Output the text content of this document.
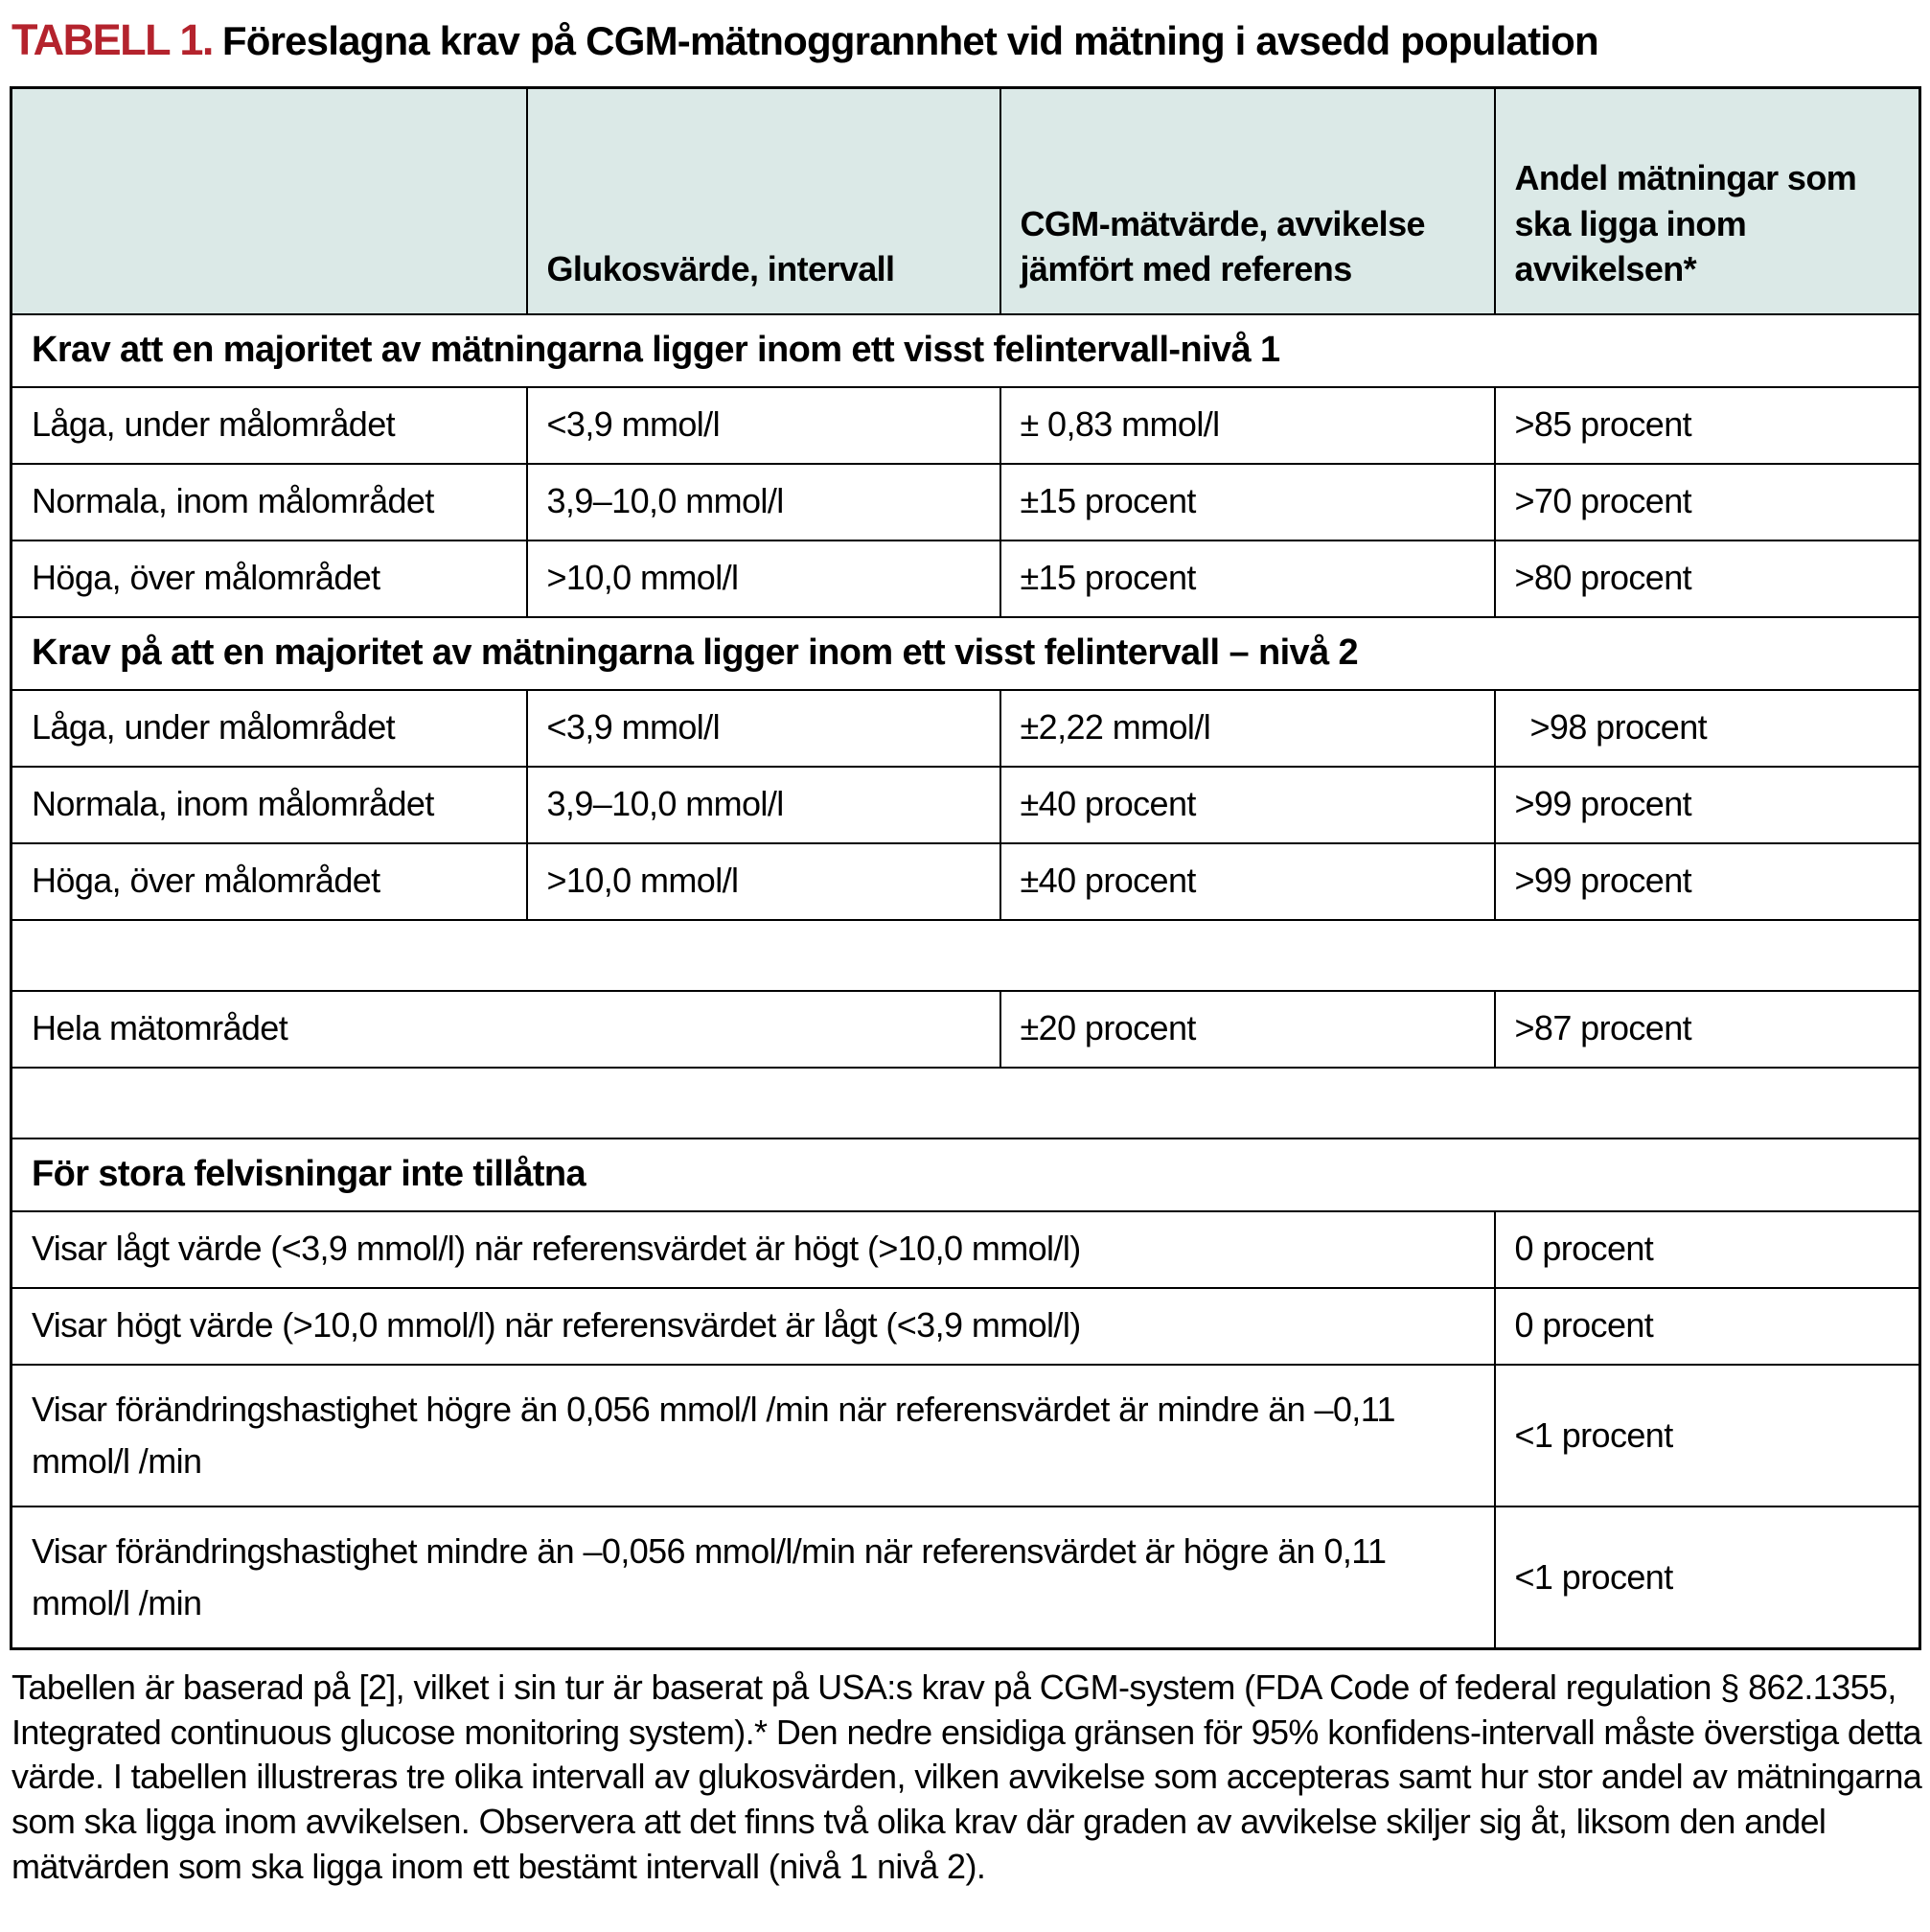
TABELL 1. Föreslagna krav på CGM-mätnoggrannhet vid mätning i avsedd population
	Glukosvärde, intervall	CGM-mätvärde, avvikelse jämfört med referens	Andel mätningar som ska ligga inom avvikelsen*
Krav att en majoritet av mätningarna ligger inom ett visst felintervall-nivå 1			
Låga, under målområdet	<3,9 mmol/l	± 0,83 mmol/l	>85 procent
Normala, inom målområdet	3,9–10,0 mmol/l	±15 procent	>70 procent
Höga, över målområdet	>10,0 mmol/l	±15 procent	>80 procent
Krav på att en majoritet av mätningarna ligger inom ett visst felintervall – nivå 2			
Låga, under målområdet	<3,9 mmol/l	±2,22 mmol/l	>98 procent
Normala, inom målområdet	3,9–10,0 mmol/l	±40 procent	>99 procent
Höga, över målområdet	>10,0 mmol/l	±40 procent	>99 procent

Hela mätområdet		±20 procent	>87 procent

För stora felvisningar inte tillåtna			
Visar lågt värde (<3,9 mmol/l) när referensvärdet är högt (>10,0 mmol/l)			0 procent
Visar högt värde (>10,0 mmol/l) när referensvärdet är lågt (<3,9 mmol/l)			0 procent
Visar förändringshastighet högre än 0,056 mmol/l /min när referensvärdet är mindre än –0,11 mmol/l /min			<1 procent
Visar förändringshastighet mindre än –0,056 mmol/l/min när referensvärdet är högre än 0,11 mmol/l /min			<1 procent
Tabellen är baserad på [2], vilket i sin tur är baserat på USA:s krav på CGM-system (FDA Code of federal regulation § 862.1355, Integrated continuous glucose monitoring system).* Den nedre ensidiga gränsen för 95% konfidens-intervall måste överstiga detta värde. I tabellen illustreras tre olika intervall av glukosvärden, vilken avvikelse som accepteras samt hur stor andel av mätningarna som ska ligga inom avvikelsen. Observera att det finns två olika krav där graden av avvikelse skiljer sig åt, liksom den andel mätvärden som ska ligga inom ett bestämt intervall (nivå 1 nivå 2).
